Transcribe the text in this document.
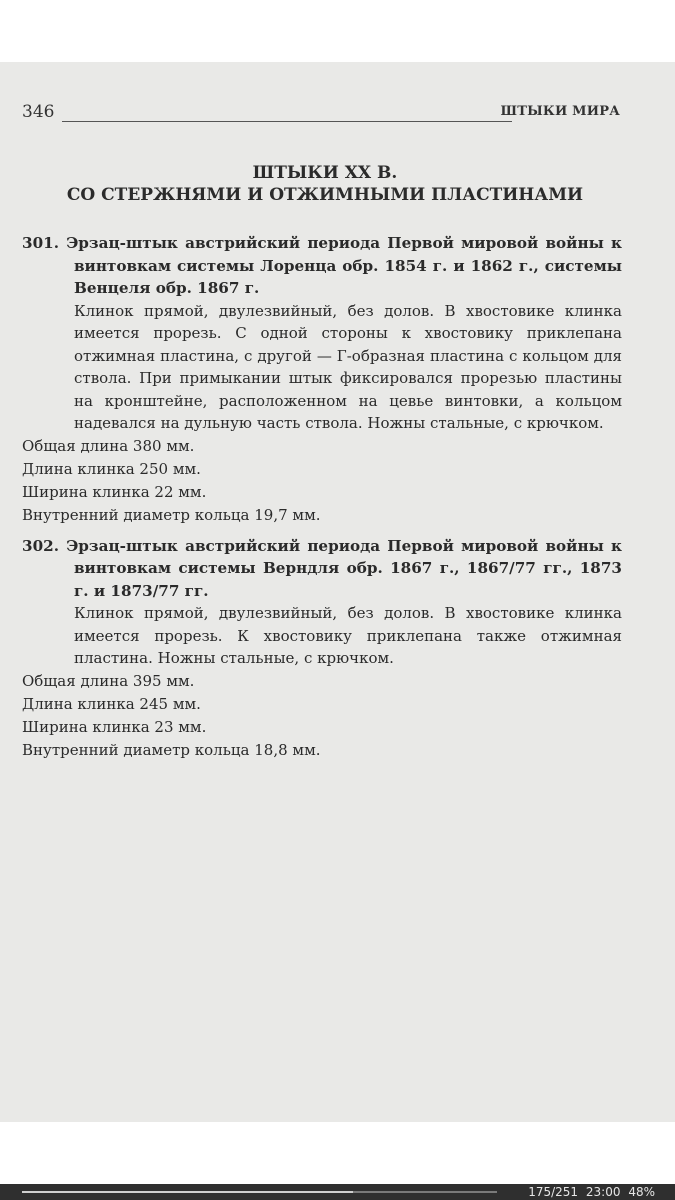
346	ШТЫКИ МИРА
ШТЫКИ XX В.
СО СТЕРЖНЯМИ И ОТЖИМНЫМИ ПЛАСТИНАМИ
301. Эрзац-штык австрийский периода Первой мировой войны к винтовкам системы Лоренца обр. 1854 г. и 1862 г., системы Венцеля обр. 1867 г.
Клинок прямой, двулезвийный, без долов. В хвостовике клинка имеется прорезь. С одной стороны к хвостовику приклепана отжимная пластина, с другой — Г-образная пластина с кольцом для ствола. При примыкании штык фиксировался прорезью пластины на кронштейне, расположенном на цевье винтовки, а кольцом надевался на дульную часть ствола. Ножны стальные, с крючком.
Общая длина 380 мм.
Длина клинка 250 мм.
Ширина клинка 22 мм.
Внутренний диаметр кольца 19,7 мм.
302. Эрзац-штык австрийский периода Первой мировой войны к винтовкам системы Верндля обр. 1867 г., 1867/77 гг., 1873 г. и 1873/77 гг.
Клинок прямой, двулезвийный, без долов. В хвостовике клинка имеется прорезь. К хвостовику приклепана также отжимная пластина. Ножны стальные, с крючком.
Общая длина 395 мм.
Длина клинка 245 мм.
Ширина клинка 23 мм.
Внутренний диаметр кольца 18,8 мм.
175/251 23:00 48%
